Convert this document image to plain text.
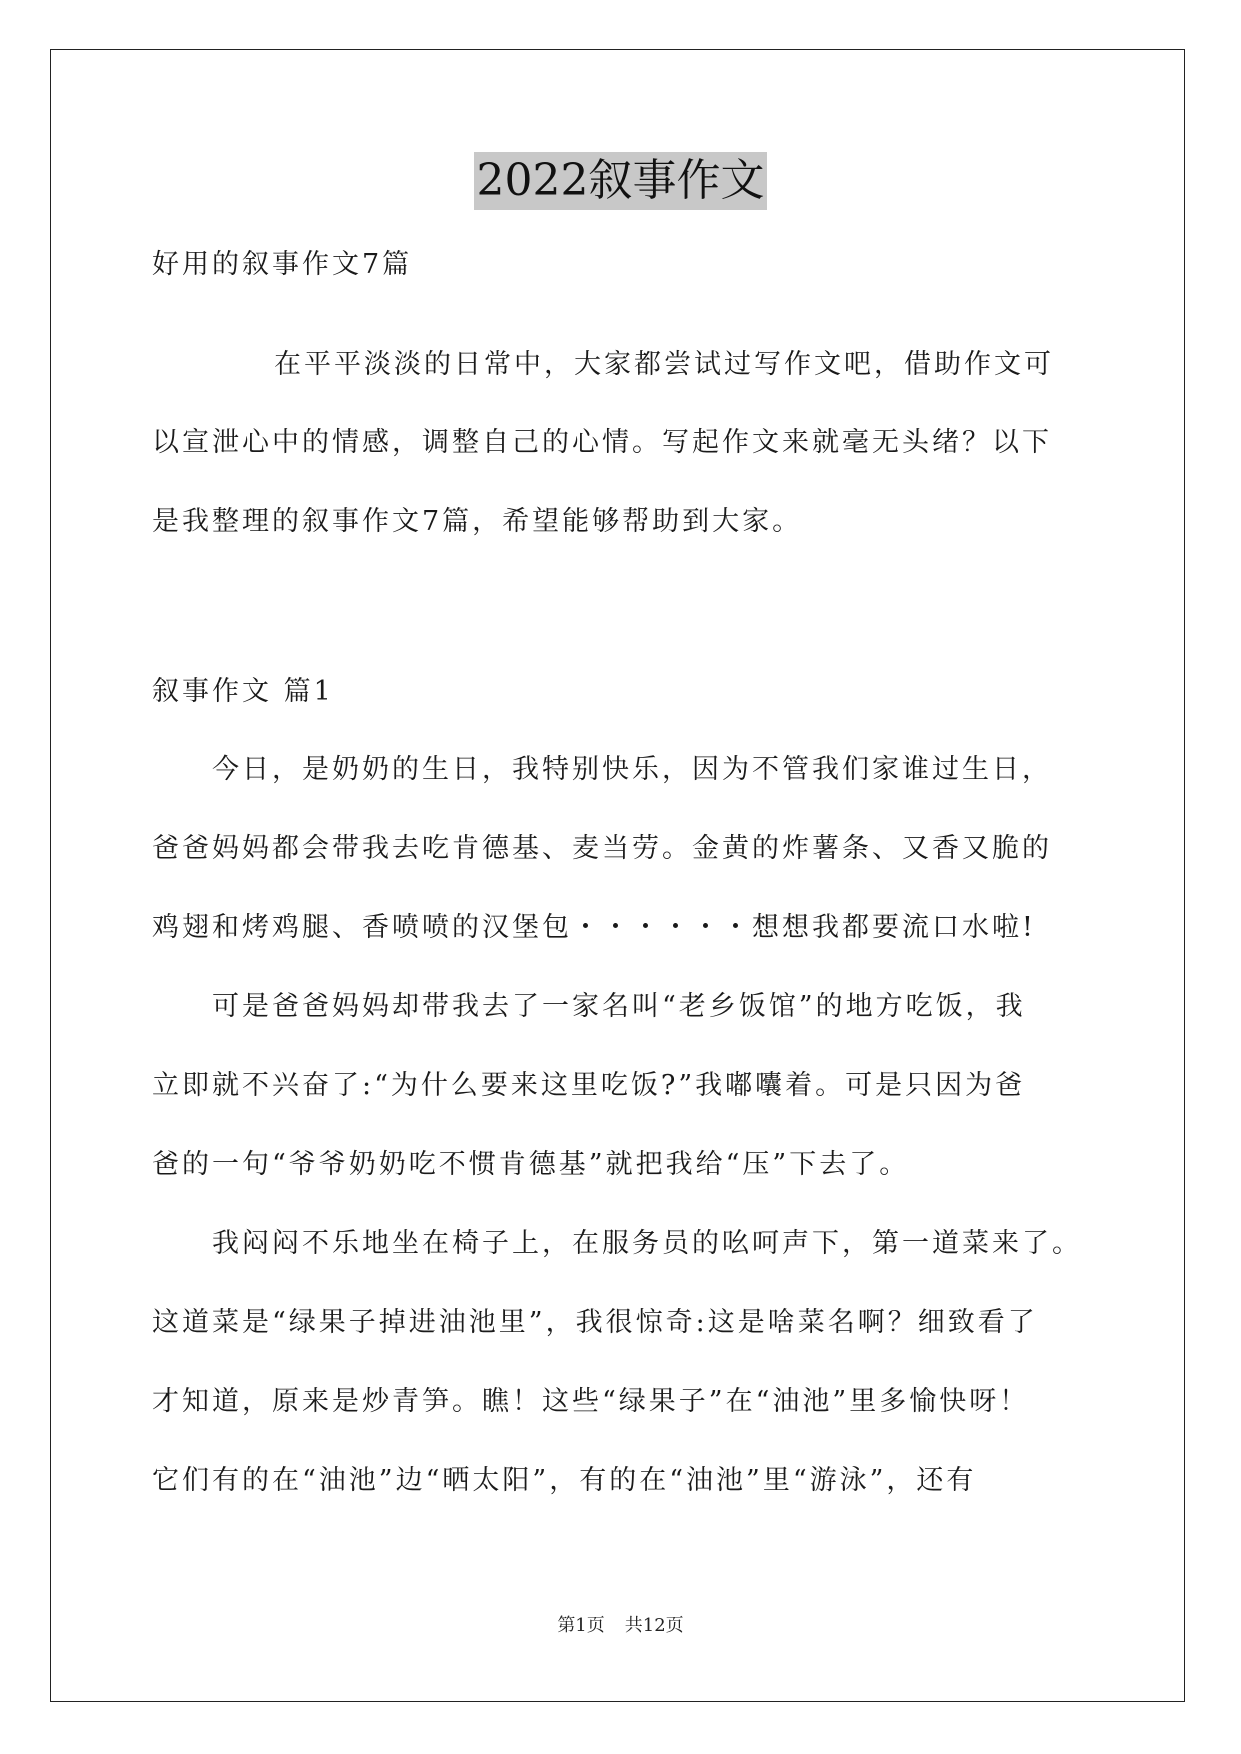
2022叙事作文
好用的叙事作文7篇
在平平淡淡的日常中，大家都尝试过写作文吧，借助作文可
以宣泄心中的情感，调整自己的心情。写起作文来就毫无头绪？以下
是我整理的叙事作文7篇，希望能够帮助到大家。
叙事作文 篇1
今日，是奶奶的生日，我特别快乐，因为不管我们家谁过生日，
爸爸妈妈都会带我去吃肯德基、麦当劳。金黄的炸薯条、又香又脆的
鸡翅和烤鸡腿、香喷喷的汉堡包・・・・・・想想我都要流口水啦!
可是爸爸妈妈却带我去了一家名叫“老乡饭馆”的地方吃饭，我
立即就不兴奋了:“为什么要来这里吃饭?”我嘟囔着。可是只因为爸
爸的一句“爷爷奶奶吃不惯肯德基”就把我给“压”下去了。
我闷闷不乐地坐在椅子上，在服务员的吆呵声下，第一道菜来了。
这道菜是“绿果子掉进油池里”，我很惊奇:这是啥菜名啊？细致看了
才知道，原来是炒青笋。瞧！这些“绿果子”在“油池”里多愉快呀！
它们有的在“油池”边“晒太阳”，有的在“油池”里“游泳”，还有
第1页 共12页
